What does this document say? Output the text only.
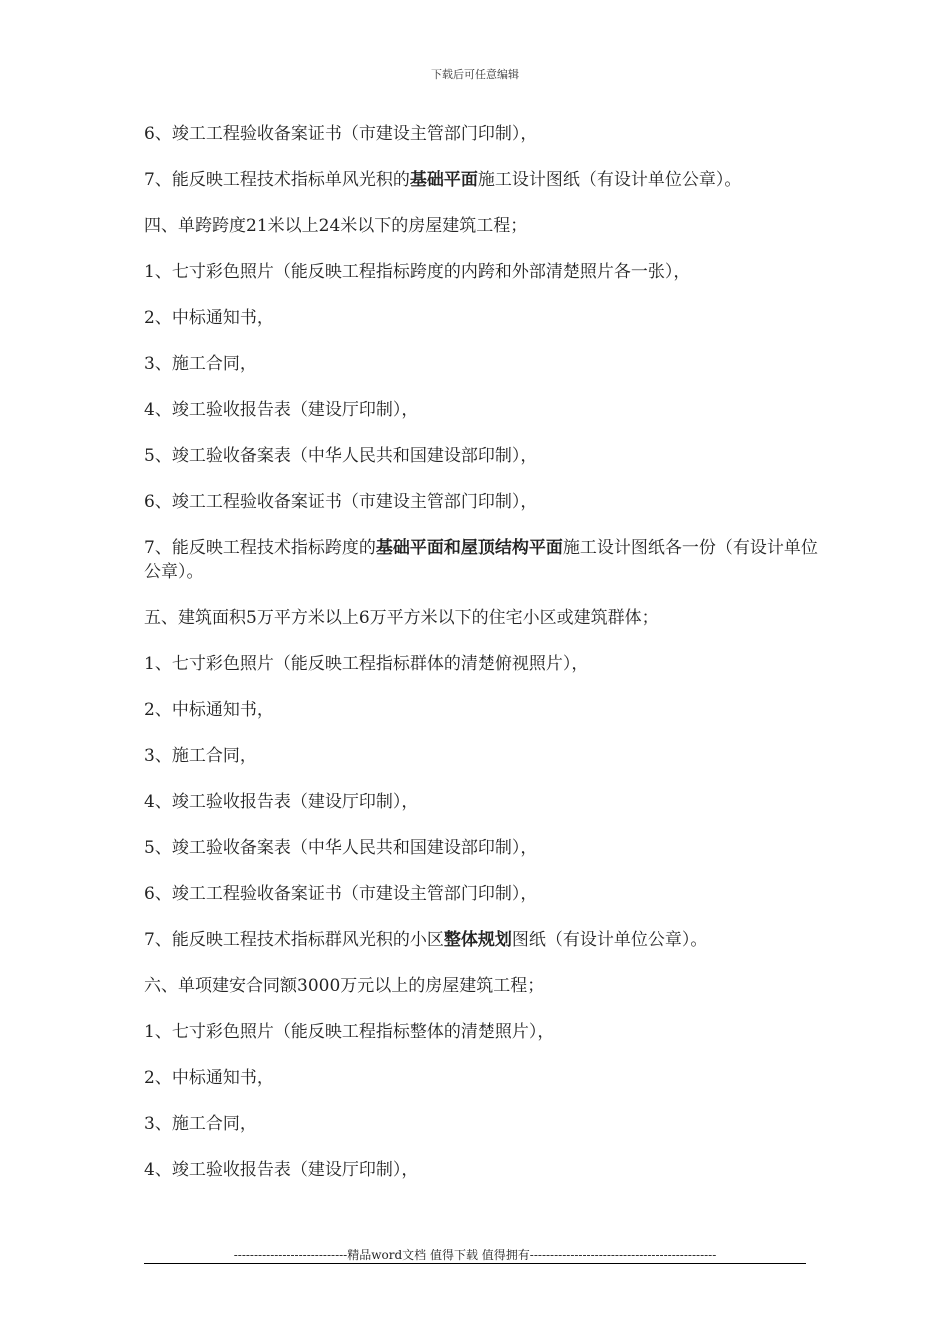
下载后可任意编辑

6、竣工工程验收备案证书（市建设主管部门印制），

7、能反映工程技术指标单风光积的基础平面施工设计图纸（有设计单位公章）。

四、单跨跨度21米以上24米以下的房屋建筑工程；

1、七寸彩色照片（能反映工程指标跨度的内跨和外部清楚照片各一张），

2、中标通知书，

3、施工合同，

4、竣工验收报告表（建设厅印制），

5、竣工验收备案表（中华人民共和国建设部印制），

6、竣工工程验收备案证书（市建设主管部门印制），

7、能反映工程技术指标跨度的基础平面和屋顶结构平面施工设计图纸各一份（有设计单位公章）。

五、建筑面积5万平方米以上6万平方米以下的住宅小区或建筑群体；

1、七寸彩色照片（能反映工程指标群体的清楚俯视照片），

2、中标通知书，

3、施工合同，

4、竣工验收报告表（建设厅印制），

5、竣工验收备案表（中华人民共和国建设部印制），

6、竣工工程验收备案证书（市建设主管部门印制），

7、能反映工程技术指标群风光积的小区整体规划图纸（有设计单位公章）。

六、单项建安合同额3000万元以上的房屋建筑工程；

1、七寸彩色照片（能反映工程指标整体的清楚照片），

2、中标通知书，

3、施工合同，

4、竣工验收报告表（建设厅印制），

----------------------------精品word文档 值得下载 值得拥有----------------------------------------------
